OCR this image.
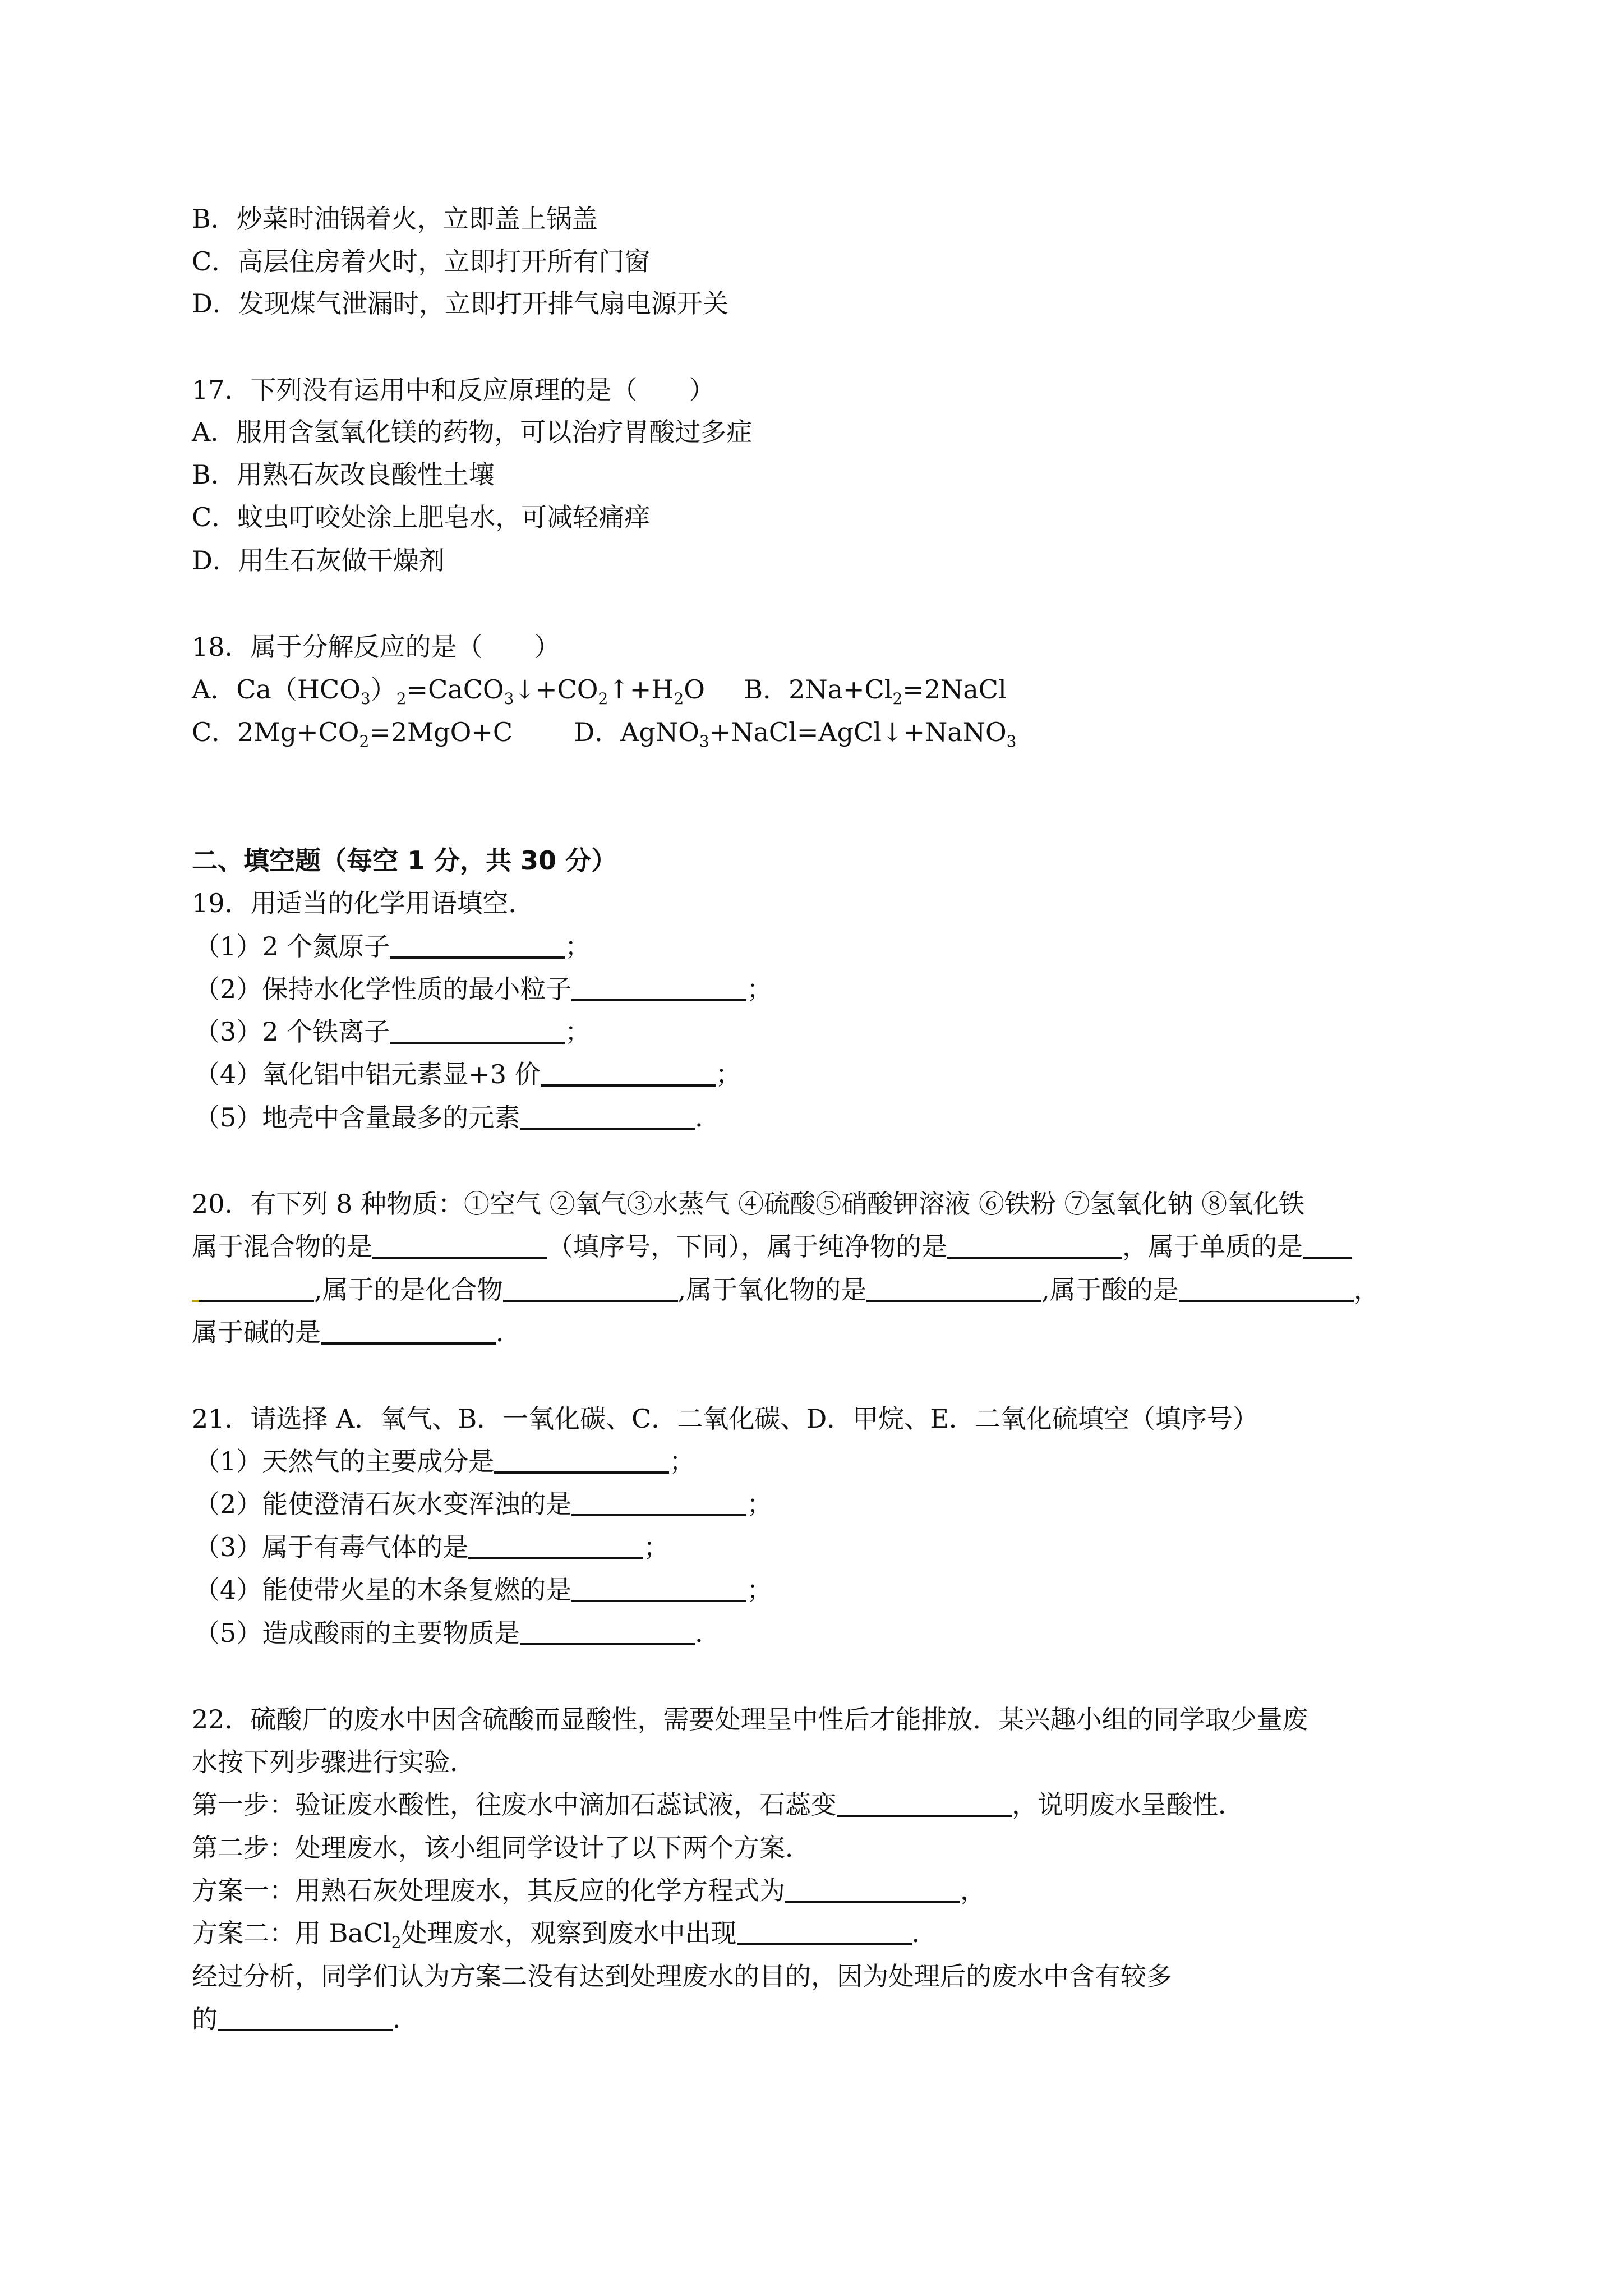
B．炒菜时油锅着火，立即盖上锅盖
C．高层住房着火时，立即打开所有门窗
D．发现煤气泄漏时，立即打开排气扇电源开关
17．下列没有运用中和反应原理的是（　　）
A．服用含氢氧化镁的药物，可以治疗胃酸过多症
B．用熟石灰改良酸性土壤
C．蚊虫叮咬处涂上肥皂水，可减轻痛痒
D．用生石灰做干燥剂
18．属于分解反应的是（　　）
A．$Ca(HCO_3)_2=CaCO_3↓+CO_2↑+H_2O$ B．$2Na+Cl_2=2NaCl$
C．$2Mg+CO_2=2MgO+C$ D．AgNO$_3$+NaCl=AgCl↓+NaNO$_3$
二、填空题（每空 1 分，共 30 分）
19．用适当的化学用语填空．
（1）2 个氮原子	；
（2）保持水化学性质的最小粒子	；
（3）2 个铁离子	；
（4）氧化铝中铝元素显+3 价	；
（5）地壳中含量最多的元素	．
20．有下列 8 种物质：①空气 ②氧气③水蒸气 ④硫酸⑤硝酸钾溶液 ⑥铁粉 ⑦氢氧化钠 ⑧氧化铁
属于混合物的是	（填序号，下同），属于纯净物的是	，属于单质的是
,属于的是化合物	,属于氧化物的是	,属于酸的是	，
属于碱的是	．
21．请选择 A．氧气、B．一氧化碳、C．二氧化碳、D．甲烷、E．二氧化硫填空（填序号）
（1）天然气的主要成分是	；
（2）能使澄清石灰水变浑浊的是	；
（3）属于有毒气体的是	；
（4）能使带火星的木条复燃的是	；
（5）造成酸雨的主要物质是	．
22．硫酸厂的废水中因含硫酸而显酸性，需要处理呈中性后才能排放．某兴趣小组的同学取少量废
水按下列步骤进行实验．
第一步：验证废水酸性，往废水中滴加石蕊试液，石蕊变	，说明废水呈酸性．
第二步：处理废水，该小组同学设计了以下两个方案．
方案一：用熟石灰处理废水，其反应的化学方程式为	，
方案二：用 BaCl$_2$处理废水，观察到废水中出现	．
经过分析，同学们认为方案二没有达到处理废水的目的，因为处理后的废水中含有较多
的	．
